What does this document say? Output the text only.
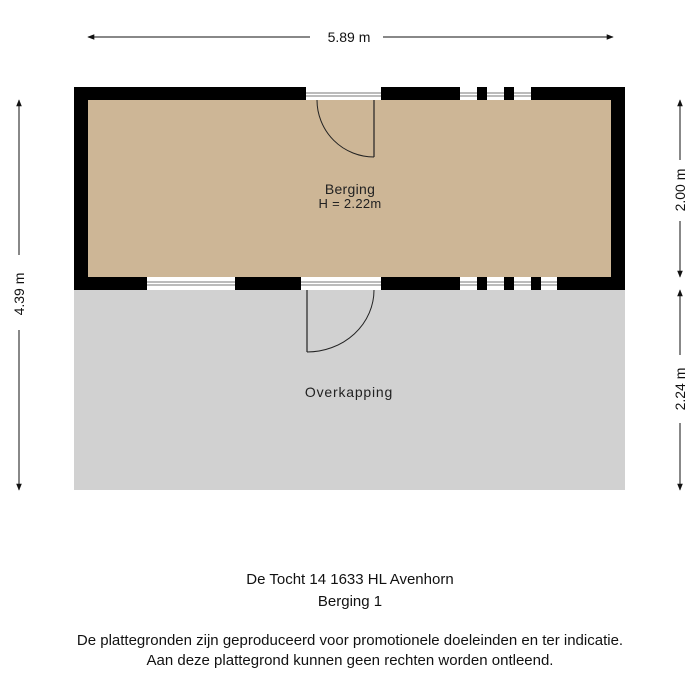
Berging
H = 2.22m
Overkapping
5.89 m
4.39 m
2.00 m
2.24 m
De Tocht 14 1633 HL Avenhorn
Berging 1
De plattegronden zijn geproduceerd voor promotionele doeleinden en ter indicatie.
Aan deze plattegrond kunnen geen rechten worden ontleend.
